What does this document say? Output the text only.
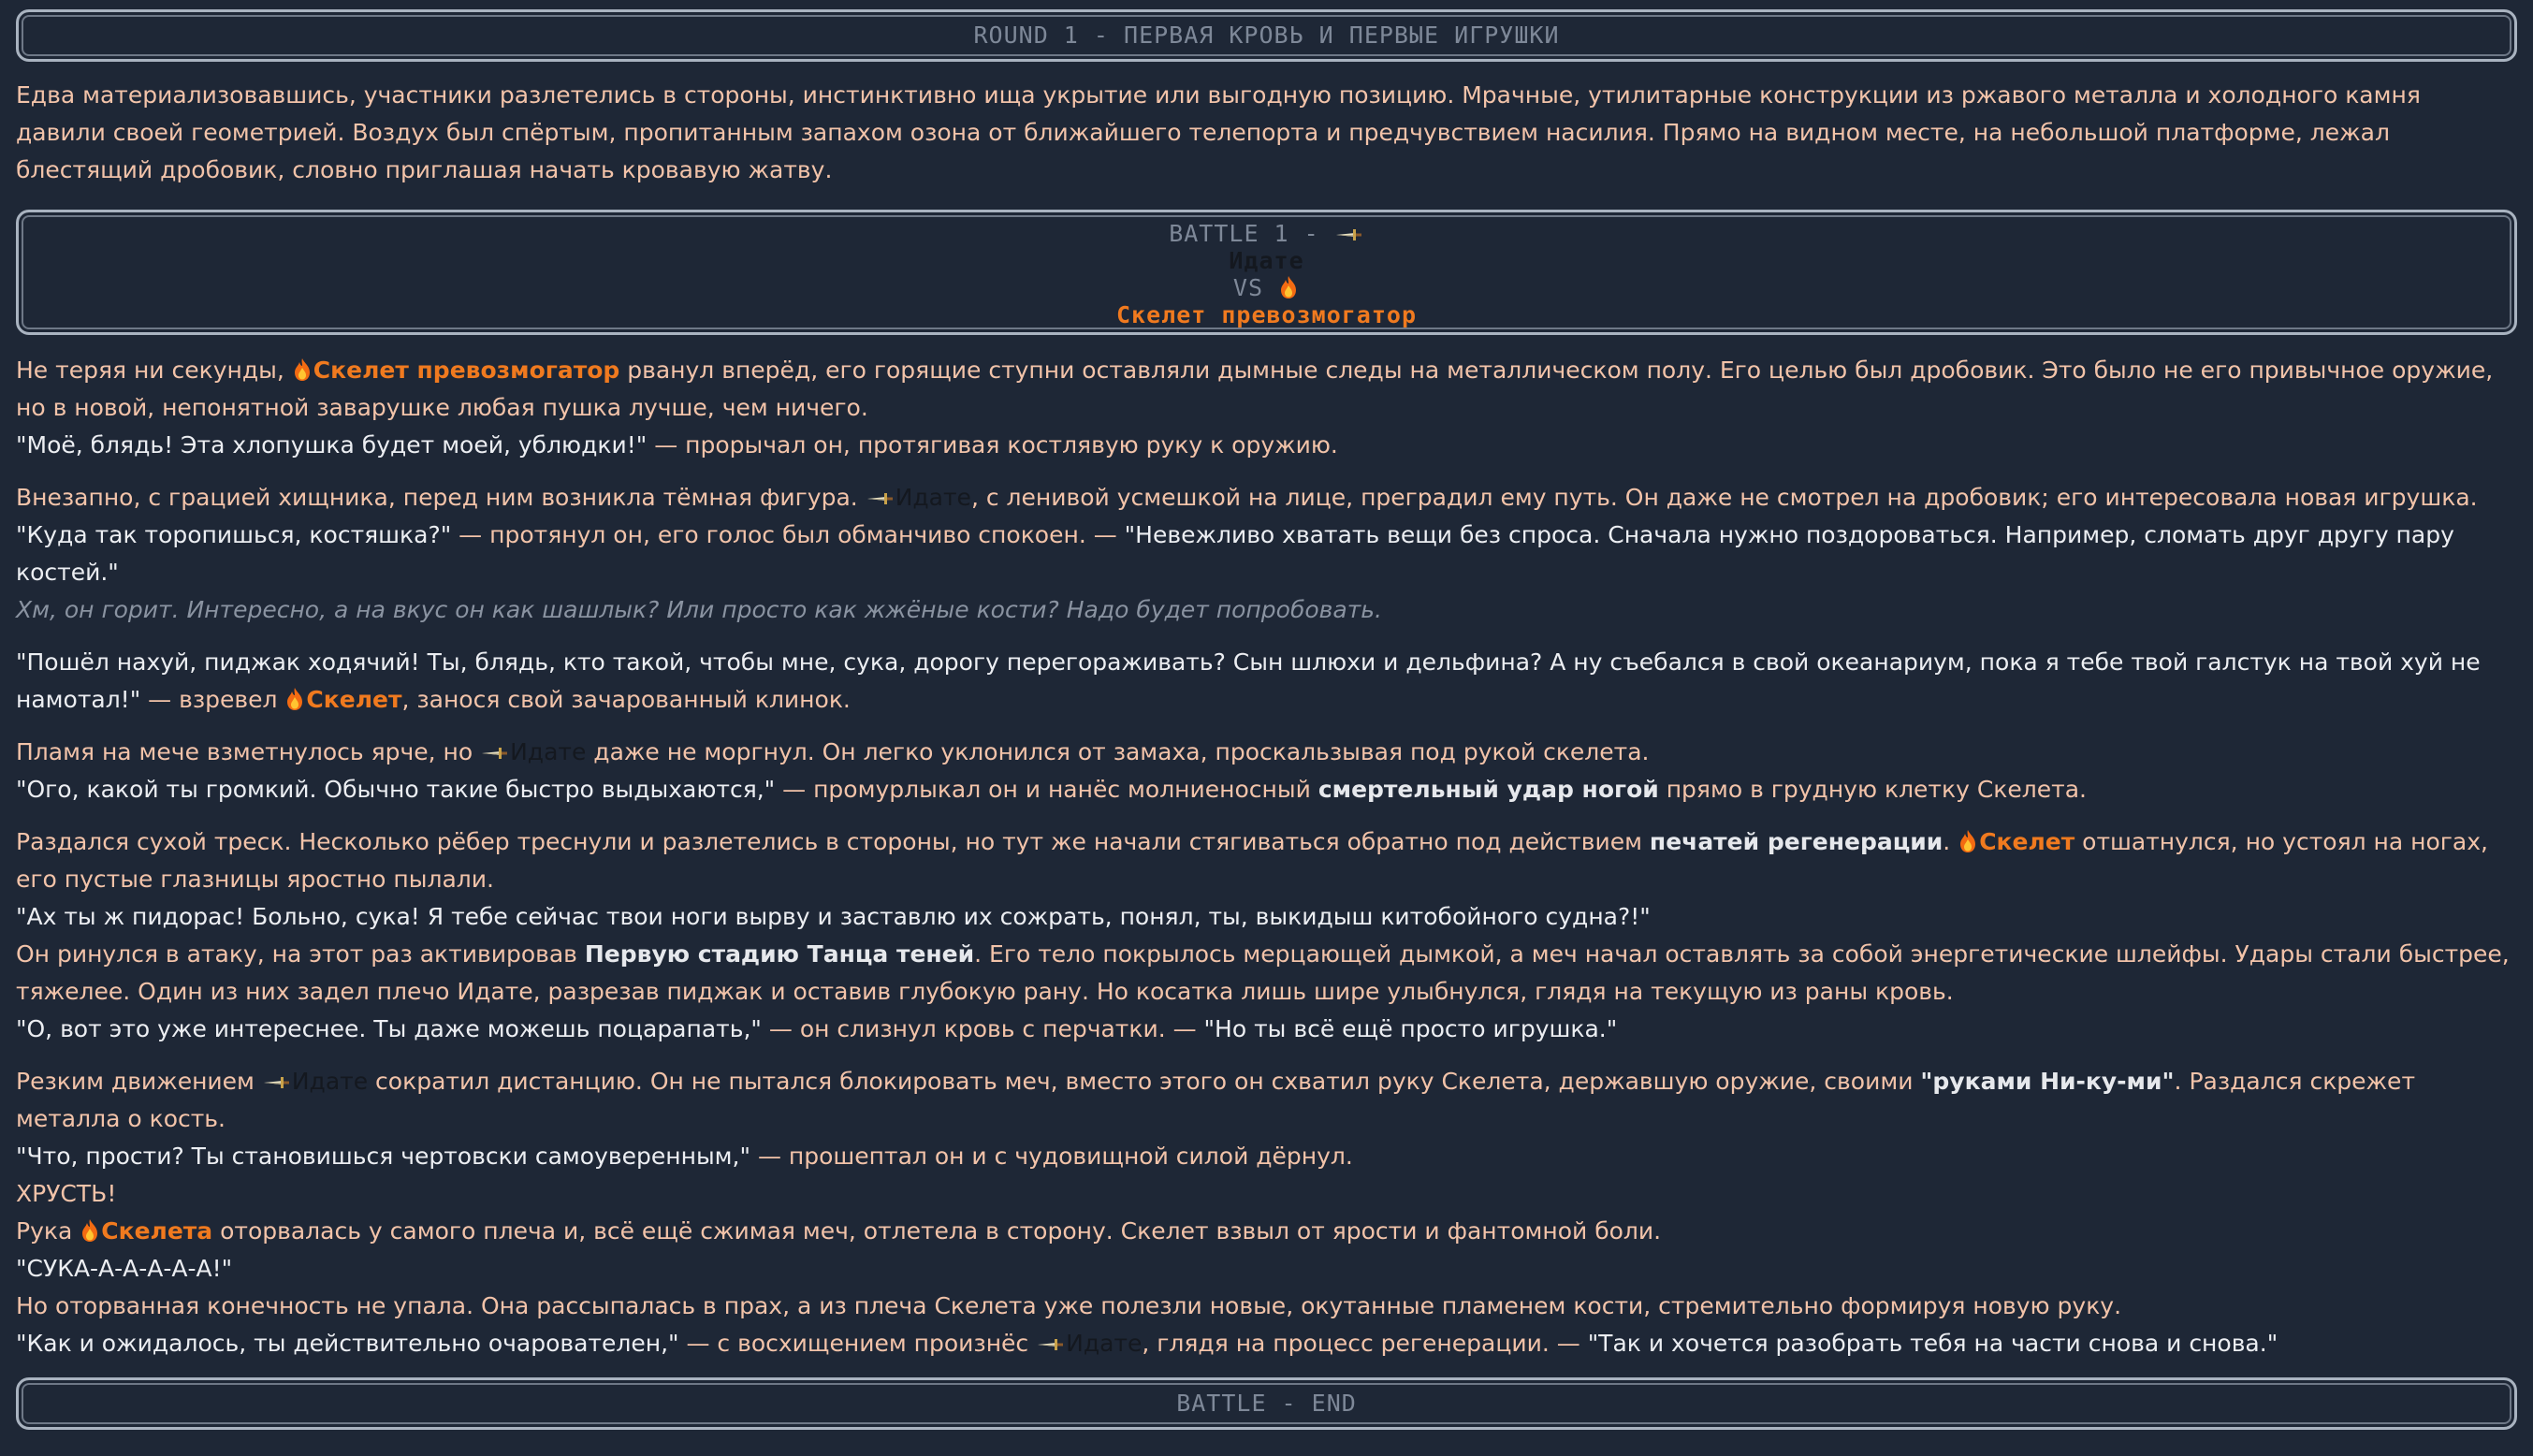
ROUND 1 - ПЕРВАЯ КРОВЬ И ПЕРВЫЕ ИГРУШКИ

Едва материализовавшись, участники разлетелись в стороны, инстинктивно ища укрытие или выгодную позицию. Мрачные, утилитарные конструкции из ржавого металла и холодного камня давили своей геометрией. Воздух был спёртым, пропитанным запахом озона от ближайшего телепорта и предчувствием насилия. Прямо на видном месте, на небольшой платформе, лежал блестящий дробовик, словно приглашая начать кровавую жатву.

BATTLE 1 -
Идате
VS
Скелет превозмогатор

Не теряя ни секунды, Скелет превозмогатор рванул вперёд, его горящие ступни оставляли дымные следы на металлическом полу. Его целью был дробовик. Это было не его привычное оружие, но в новой, непонятной заварушке любая пушка лучше, чем ничего.
"Моё, блядь! Эта хлопушка будет моей, ублюдки!" — прорычал он, протягивая костлявую руку к оружию.

Внезапно, с грацией хищника, перед ним возникла тёмная фигура. Идате, с ленивой усмешкой на лице, преградил ему путь. Он даже не смотрел на дробовик; его интересовала новая игрушка.
"Куда так торопишься, костяшка?" — протянул он, его голос был обманчиво спокоен. — "Невежливо хватать вещи без спроса. Сначала нужно поздороваться. Например, сломать друг другу пару костей."
Хм, он горит. Интересно, а на вкус он как шашлык? Или просто как жжёные кости? Надо будет попробовать.

"Пошёл нахуй, пиджак ходячий! Ты, блядь, кто такой, чтобы мне, сука, дорогу перегораживать? Сын шлюхи и дельфина? А ну съебался в свой океанариум, пока я тебе твой галстук на твой хуй не намотал!" — взревел Скелет, занося свой зачарованный клинок.

Пламя на мече взметнулось ярче, но Идате даже не моргнул. Он легко уклонился от замаха, проскальзывая под рукой скелета.
"Ого, какой ты громкий. Обычно такие быстро выдыхаются," — промурлыкал он и нанёс молниеносный смертельный удар ногой прямо в грудную клетку Скелета.

Раздался сухой треск. Несколько рёбер треснули и разлетелись в стороны, но тут же начали стягиваться обратно под действием печатей регенерации. Скелет отшатнулся, но устоял на ногах, его пустые глазницы яростно пылали.
"Ах ты ж пидорас! Больно, сука! Я тебе сейчас твои ноги вырву и заставлю их сожрать, понял, ты, выкидыш китобойного судна?!"
Он ринулся в атаку, на этот раз активировав Первую стадию Танца теней. Его тело покрылось мерцающей дымкой, а меч начал оставлять за собой энергетические шлейфы. Удары стали быстрее, тяжелее. Один из них задел плечо Идате, разрезав пиджак и оставив глубокую рану. Но косатка лишь шире улыбнулся, глядя на текущую из раны кровь.
"О, вот это уже интереснее. Ты даже можешь поцарапать," — он слизнул кровь с перчатки. — "Но ты всё ещё просто игрушка."

Резким движением Идате сократил дистанцию. Он не пытался блокировать меч, вместо этого он схватил руку Скелета, державшую оружие, своими "руками Ни-ку-ми". Раздался скрежет металла о кость.
"Что, прости? Ты становишься чертовски самоуверенным," — прошептал он и с чудовищной силой дёрнул.
ХРУСТЬ!
Рука Скелета оторвалась у самого плеча и, всё ещё сжимая меч, отлетела в сторону. Скелет взвыл от ярости и фантомной боли.
"СУКА-А-А-А-А-А!"
Но оторванная конечность не упала. Она рассыпалась в прах, а из плеча Скелета уже полезли новые, окутанные пламенем кости, стремительно формируя новую руку.
"Как и ожидалось, ты действительно очарователен," — с восхищением произнёс Идате, глядя на процесс регенерации. — "Так и хочется разобрать тебя на части снова и снова."

BATTLE - END
